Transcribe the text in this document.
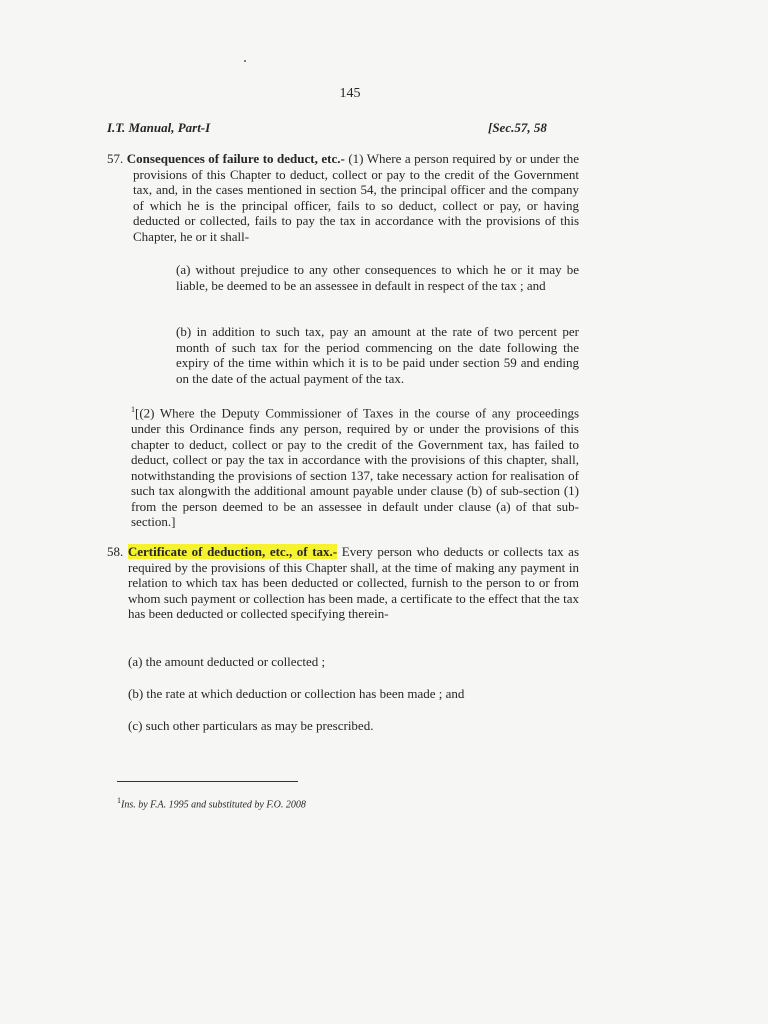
145
I.T. Manual, Part-I	[Sec.57, 58
57. Consequences of failure to deduct, etc.- (1) Where a person required by or under the provisions of this Chapter to deduct, collect or pay to the credit of the Government tax, and, in the cases mentioned in section 54, the principal officer and the company of which he is the principal officer, fails to so deduct, collect or pay, or having deducted or collected, fails to pay the tax in accordance with the provisions of this Chapter, he or it shall-
(a) without prejudice to any other consequences to which he or it may be liable, be deemed to be an assessee in default in respect of the tax ; and
(b) in addition to such tax, pay an amount at the rate of two percent per month of such tax for the period commencing on the date following the expiry of the time within which it is to be paid under section 59 and ending on the date of the actual payment of the tax.
$^1$[(2) Where the Deputy Commissioner of Taxes in the course of any proceedings under this Ordinance finds any person, required by or under the provisions of this chapter to deduct, collect or pay to the credit of the Government tax, has failed to deduct, collect or pay the tax in accordance with the provisions of this chapter, shall, notwithstanding the provisions of section 137, take necessary action for realisation of such tax alongwith the additional amount payable under clause (b) of sub-section (1) from the person deemed to be an assessee in default under clause (a) of that sub-section.]
58. Certificate of deduction, etc., of tax.- Every person who deducts or collects tax as required by the provisions of this Chapter shall, at the time of making any payment in relation to which tax has been deducted or collected, furnish to the person to or from whom such payment or collection has been made, a certificate to the effect that the tax has been deducted or collected specifying therein-
(a) the amount deducted or collected ;
(b) the rate at which deduction or collection has been made ; and
(c) such other particulars as may be prescribed.
$^1$Ins. by F.A. 1995 and substituted by F.O. 2008
